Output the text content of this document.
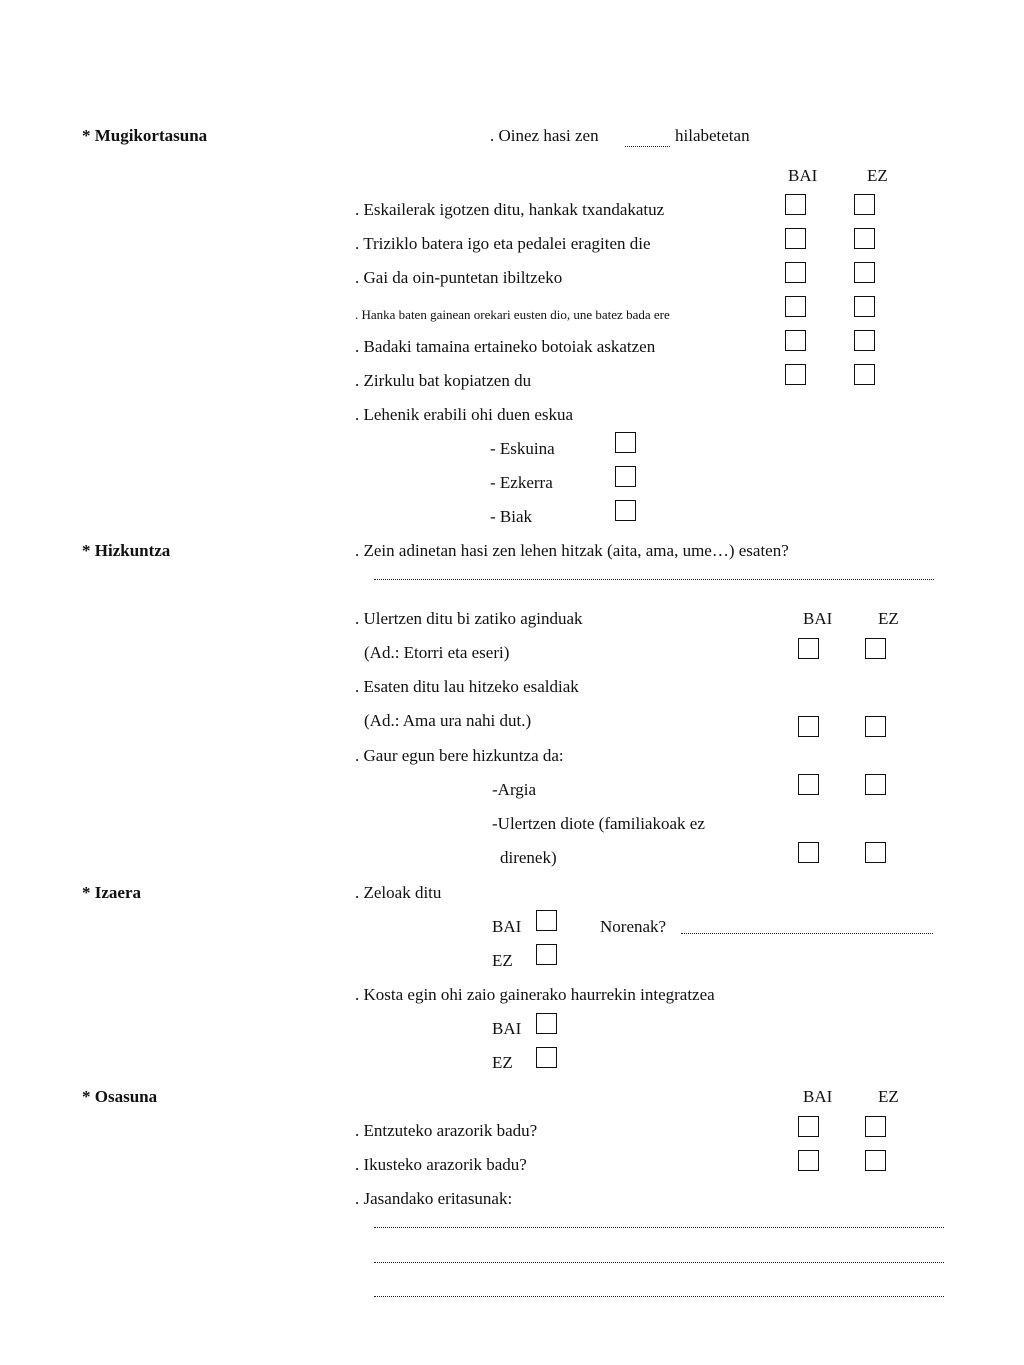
* Mugikortasuna	. Oinez hasi zen	hilabetetan
BAI	EZ
. Eskailerak igotzen ditu, hankak txandakatuz
. Triziklo batera igo eta pedalei eragiten die
. Gai da oin-puntetan ibiltzeko
. Hanka baten gainean orekari eusten dio, une batez bada ere
. Badaki tamaina ertaineko botoiak askatzen
. Zirkulu bat kopiatzen du
. Lehenik erabili ohi duen eskua
- Eskuina
- Ezkerra
- Biak
* Hizkuntza	. Zein adinetan hasi zen lehen hitzak (aita, ama, ume…) esaten?
. Ulertzen ditu bi zatiko aginduak	BAI	EZ
(Ad.: Etorri eta eseri)
. Esaten ditu lau hitzeko esaldiak
(Ad.: Ama ura nahi dut.)
. Gaur egun bere hizkuntza da:
-Argia
-Ulertzen diote (familiakoak ez
direnek)
* Izaera	. Zeloak ditu
BAI	Norenak?
EZ
. Kosta egin ohi zaio gainerako haurrekin integratzea
BAI
EZ
* Osasuna	BAI	EZ
. Entzuteko arazorik badu?
. Ikusteko arazorik badu?
. Jasandako eritasunak:
